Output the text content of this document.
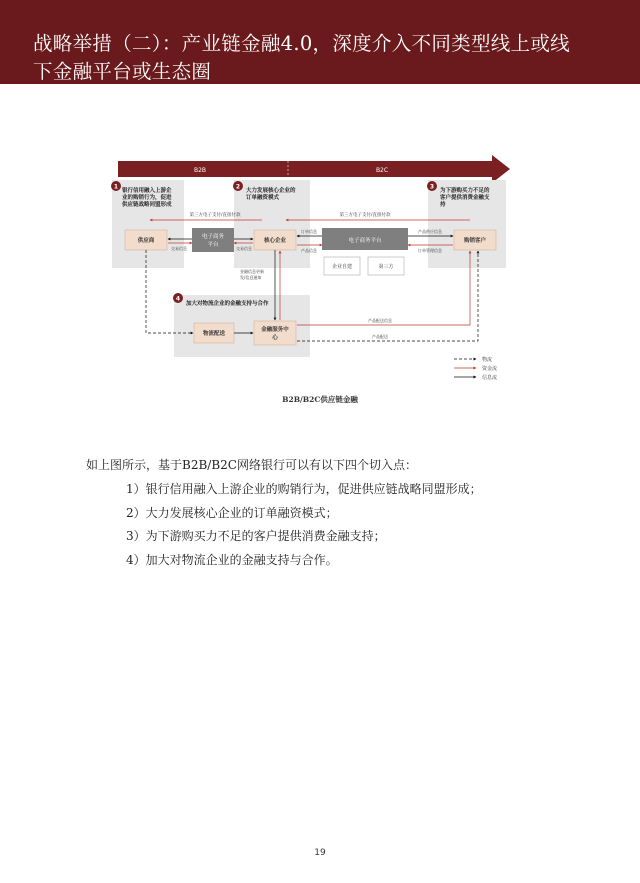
战略举措（二）：产业链金融4.0，深度介入不同类型线上或线
下金融平台或生态圈
B2B	B2C
1	2	3
4
银行信用融入上游企
业的购销行为，促进
供应链战略同盟形成
大力发展核心企业的
订单融资模式
为下游购买力不足的
客户提供消费金融支
持
加大对物流企业的金融支持与合作
第三方电子支付/直接付款	第三方电子支付/直接付款
供应商
电子商务
平台
核心企业	电子商务平台
企业自建	第三方
购销客户
物流配送
金融服务中
心
交易信息	交易信息
订单信息
产品信息
产品供应信息
订单管理信息
金融信息更新
发/信息通知
产品配送信息
产品配送
物流
资金流
信息流
B2B/B2C供应链金融
如上图所示，基于B2B/B2C网络银行可以有以下四个切入点：
1）银行信用融入上游企业的购销行为，促进供应链战略同盟形成；
2）大力发展核心企业的订单融资模式；
3）为下游购买力不足的客户提供消费金融支持；
4）加大对物流企业的金融支持与合作。
19
